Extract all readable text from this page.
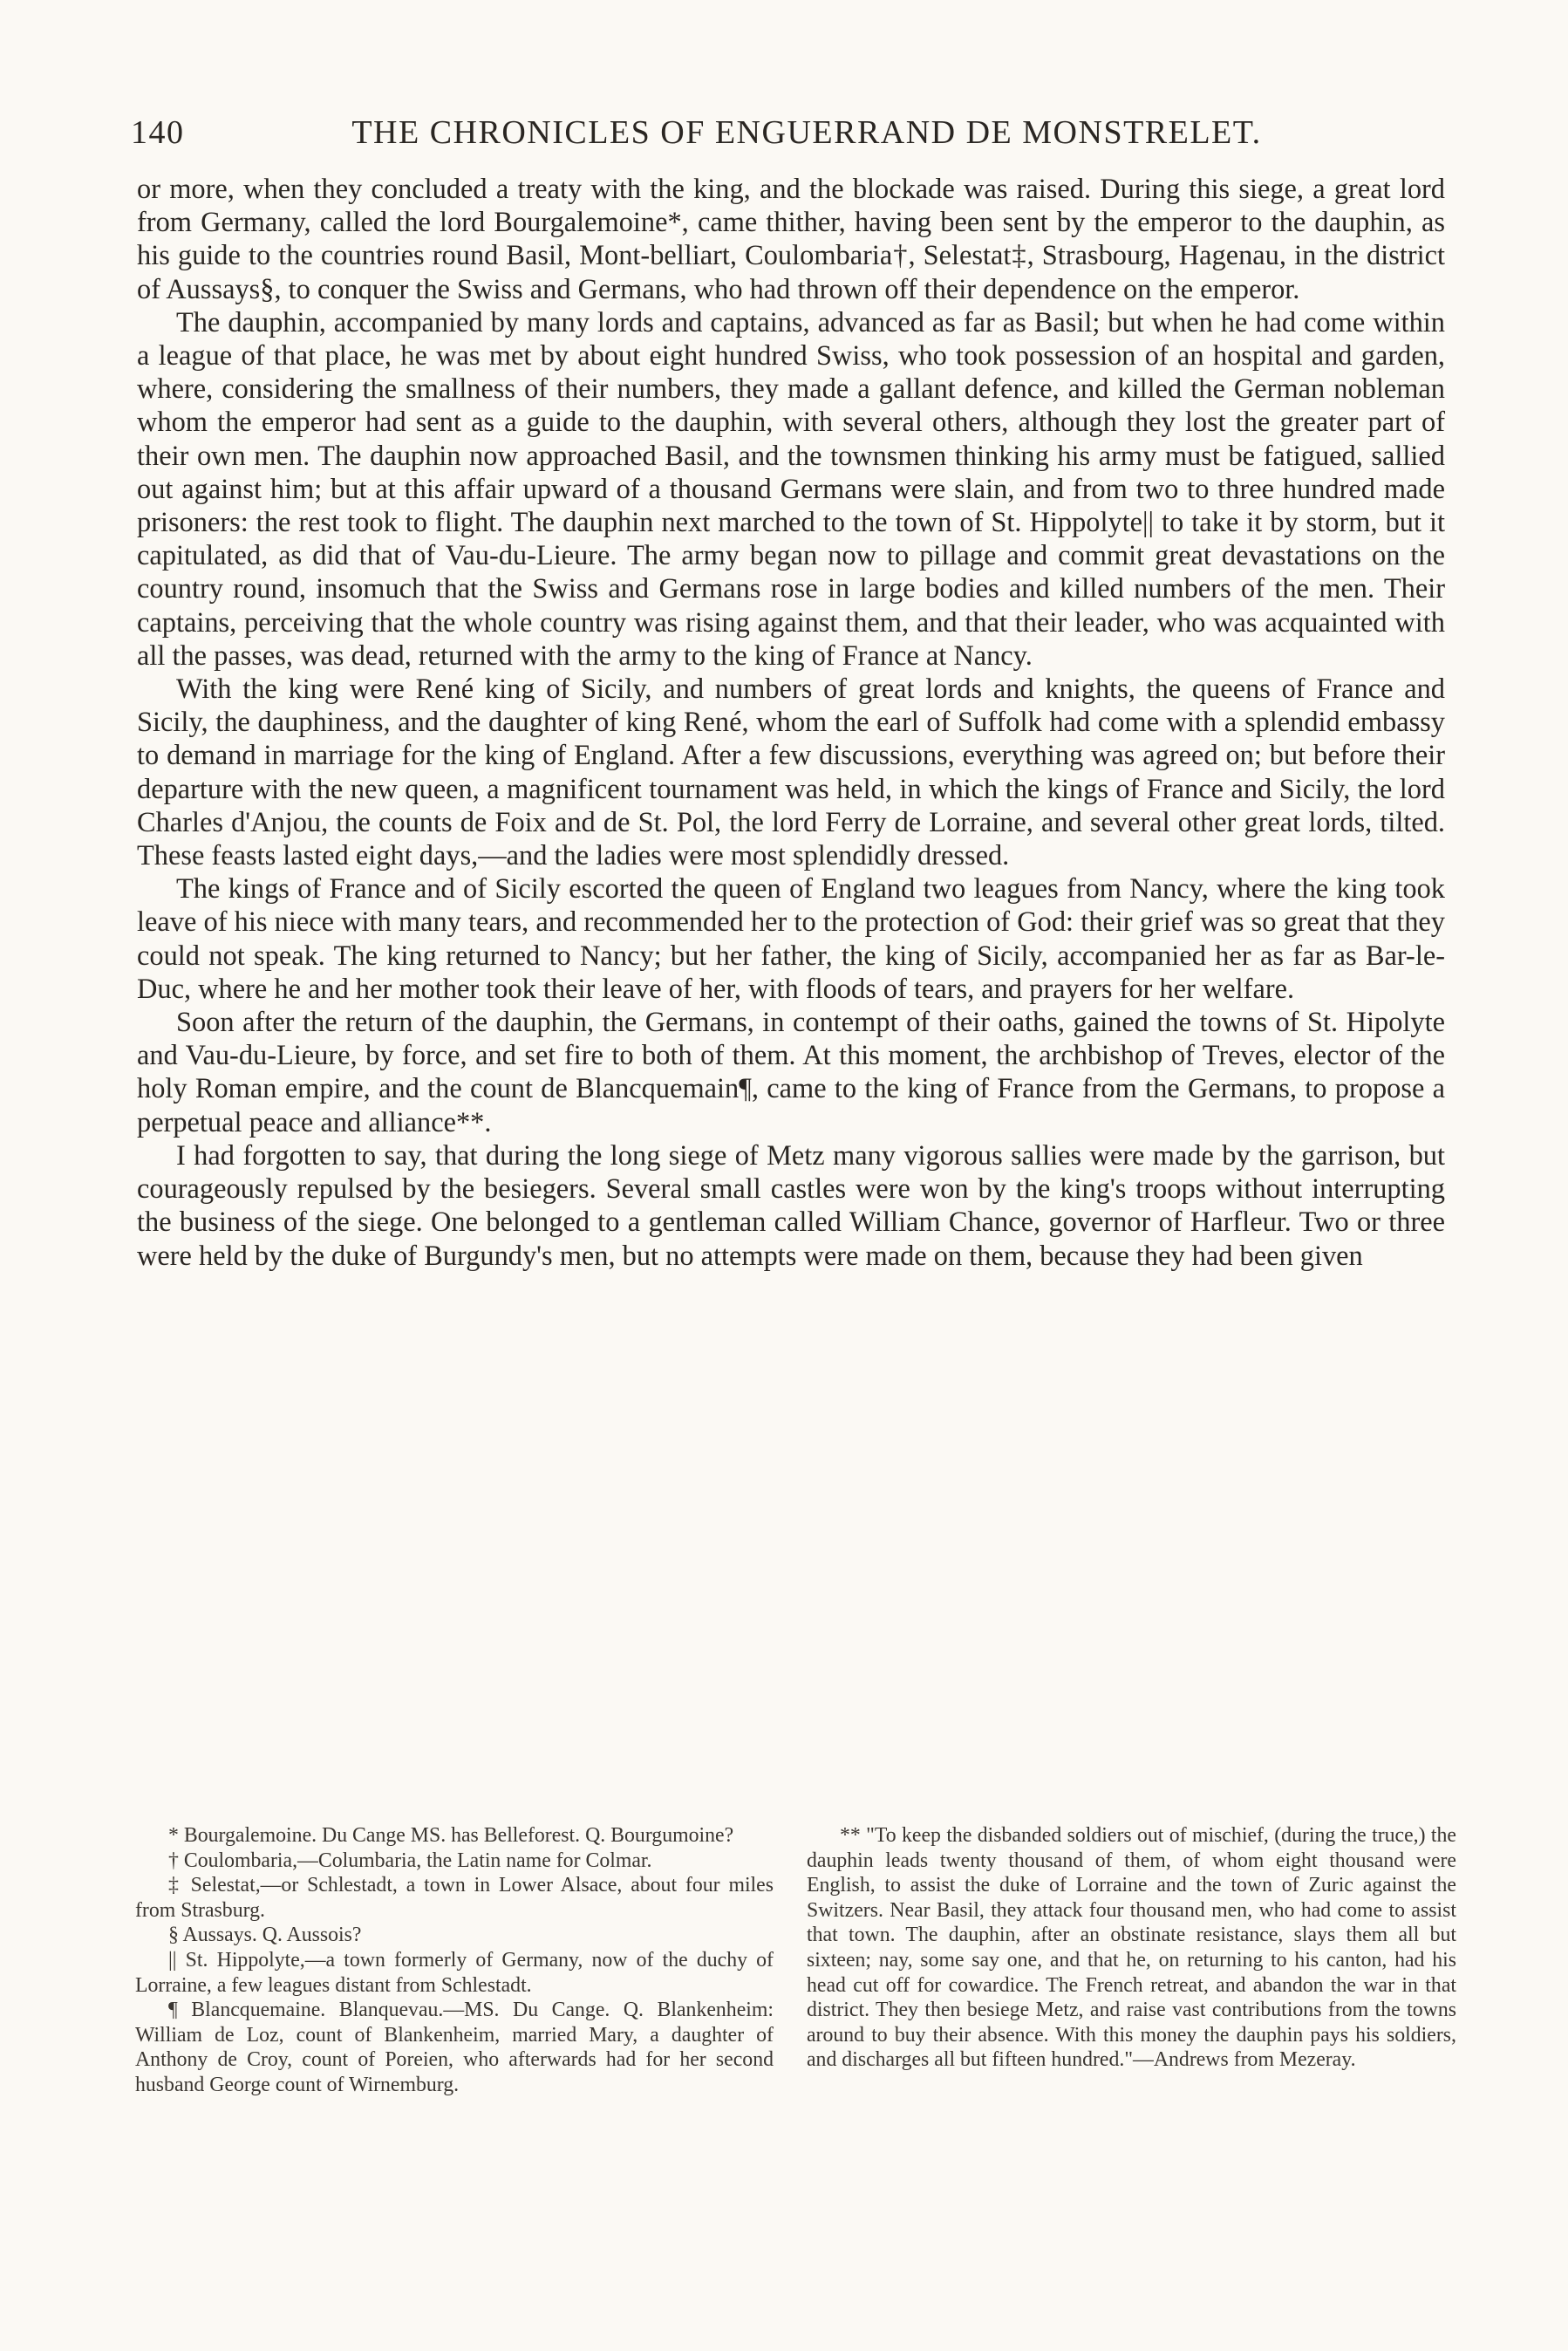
140	THE CHRONICLES OF ENGUERRAND DE MONSTRELET.

or more, when they concluded a treaty with the king, and the blockade was raised. During this siege, a great lord from Germany, called the lord Bourgalemoine*, came thither, having been sent by the emperor to the dauphin, as his guide to the countries round Basil, Mont-belliart, Coulombaria†, Selestat‡, Strasbourg, Hagenau, in the district of Aussays§, to conquer the Swiss and Germans, who had thrown off their dependence on the emperor.

The dauphin, accompanied by many lords and captains, advanced as far as Basil; but when he had come within a league of that place, he was met by about eight hundred Swiss, who took possession of an hospital and garden, where, considering the smallness of their numbers, they made a gallant defence, and killed the German nobleman whom the emperor had sent as a guide to the dauphin, with several others, although they lost the greater part of their own men. The dauphin now approached Basil, and the townsmen thinking his army must be fatigued, sallied out against him; but at this affair upward of a thousand Germans were slain, and from two to three hundred made prisoners: the rest took to flight. The dauphin next marched to the town of St. Hippolyte|| to take it by storm, but it capitulated, as did that of Vau-du-Lieure. The army began now to pillage and commit great devastations on the country round, insomuch that the Swiss and Germans rose in large bodies and killed numbers of the men. Their captains, perceiving that the whole country was rising against them, and that their leader, who was acquainted with all the passes, was dead, returned with the army to the king of France at Nancy.

With the king were René king of Sicily, and numbers of great lords and knights, the queens of France and Sicily, the dauphiness, and the daughter of king René, whom the earl of Suffolk had come with a splendid embassy to demand in marriage for the king of England. After a few discussions, everything was agreed on; but before their departure with the new queen, a magnificent tournament was held, in which the kings of France and Sicily, the lord Charles d'Anjou, the counts de Foix and de St. Pol, the lord Ferry de Lorraine, and several other great lords, tilted. These feasts lasted eight days,—and the ladies were most splendidly dressed.

The kings of France and of Sicily escorted the queen of England two leagues from Nancy, where the king took leave of his niece with many tears, and recommended her to the protection of God: their grief was so great that they could not speak. The king returned to Nancy; but her father, the king of Sicily, accompanied her as far as Bar-le-Duc, where he and her mother took their leave of her, with floods of tears, and prayers for her welfare.

Soon after the return of the dauphin, the Germans, in contempt of their oaths, gained the towns of St. Hipolyte and Vau-du-Lieure, by force, and set fire to both of them. At this moment, the archbishop of Treves, elector of the holy Roman empire, and the count de Blancquemain¶, came to the king of France from the Germans, to propose a perpetual peace and alliance**.

I had forgotten to say, that during the long siege of Metz many vigorous sallies were made by the garrison, but courageously repulsed by the besiegers. Several small castles were won by the king's troops without interrupting the business of the siege. One belonged to a gentleman called William Chance, governor of Harfleur. Two or three were held by the duke of Burgundy's men, but no attempts were made on them, because they had been given

* Bourgalemoine. Du Cange MS. has Belleforest. Q. Bourgumoine?

† Coulombaria,—Columbaria, the Latin name for Colmar.

‡ Selestat,—or Schlestadt, a town in Lower Alsace, about four miles from Strasburg.

§ Aussays. Q. Aussois?

|| St. Hippolyte,—a town formerly of Germany, now of the duchy of Lorraine, a few leagues distant from Schlestadt.

¶ Blancquemaine. Blanquevau.—MS. Du Cange. Q. Blankenheim: William de Loz, count of Blankenheim, married Mary, a daughter of Anthony de Croy, count of Poreien, who afterwards had for her second husband George count of Wirnemburg.

** "To keep the disbanded soldiers out of mischief, (during the truce,) the dauphin leads twenty thousand of them, of whom eight thousand were English, to assist the duke of Lorraine and the town of Zuric against the Switzers. Near Basil, they attack four thousand men, who had come to assist that town. The dauphin, after an obstinate resistance, slays them all but sixteen; nay, some say one, and that he, on returning to his canton, had his head cut off for cowardice. The French retreat, and abandon the war in that district. They then besiege Metz, and raise vast contributions from the towns around to buy their absence. With this money the dauphin pays his soldiers, and discharges all but fifteen hundred."—Andrews from Mezeray.
